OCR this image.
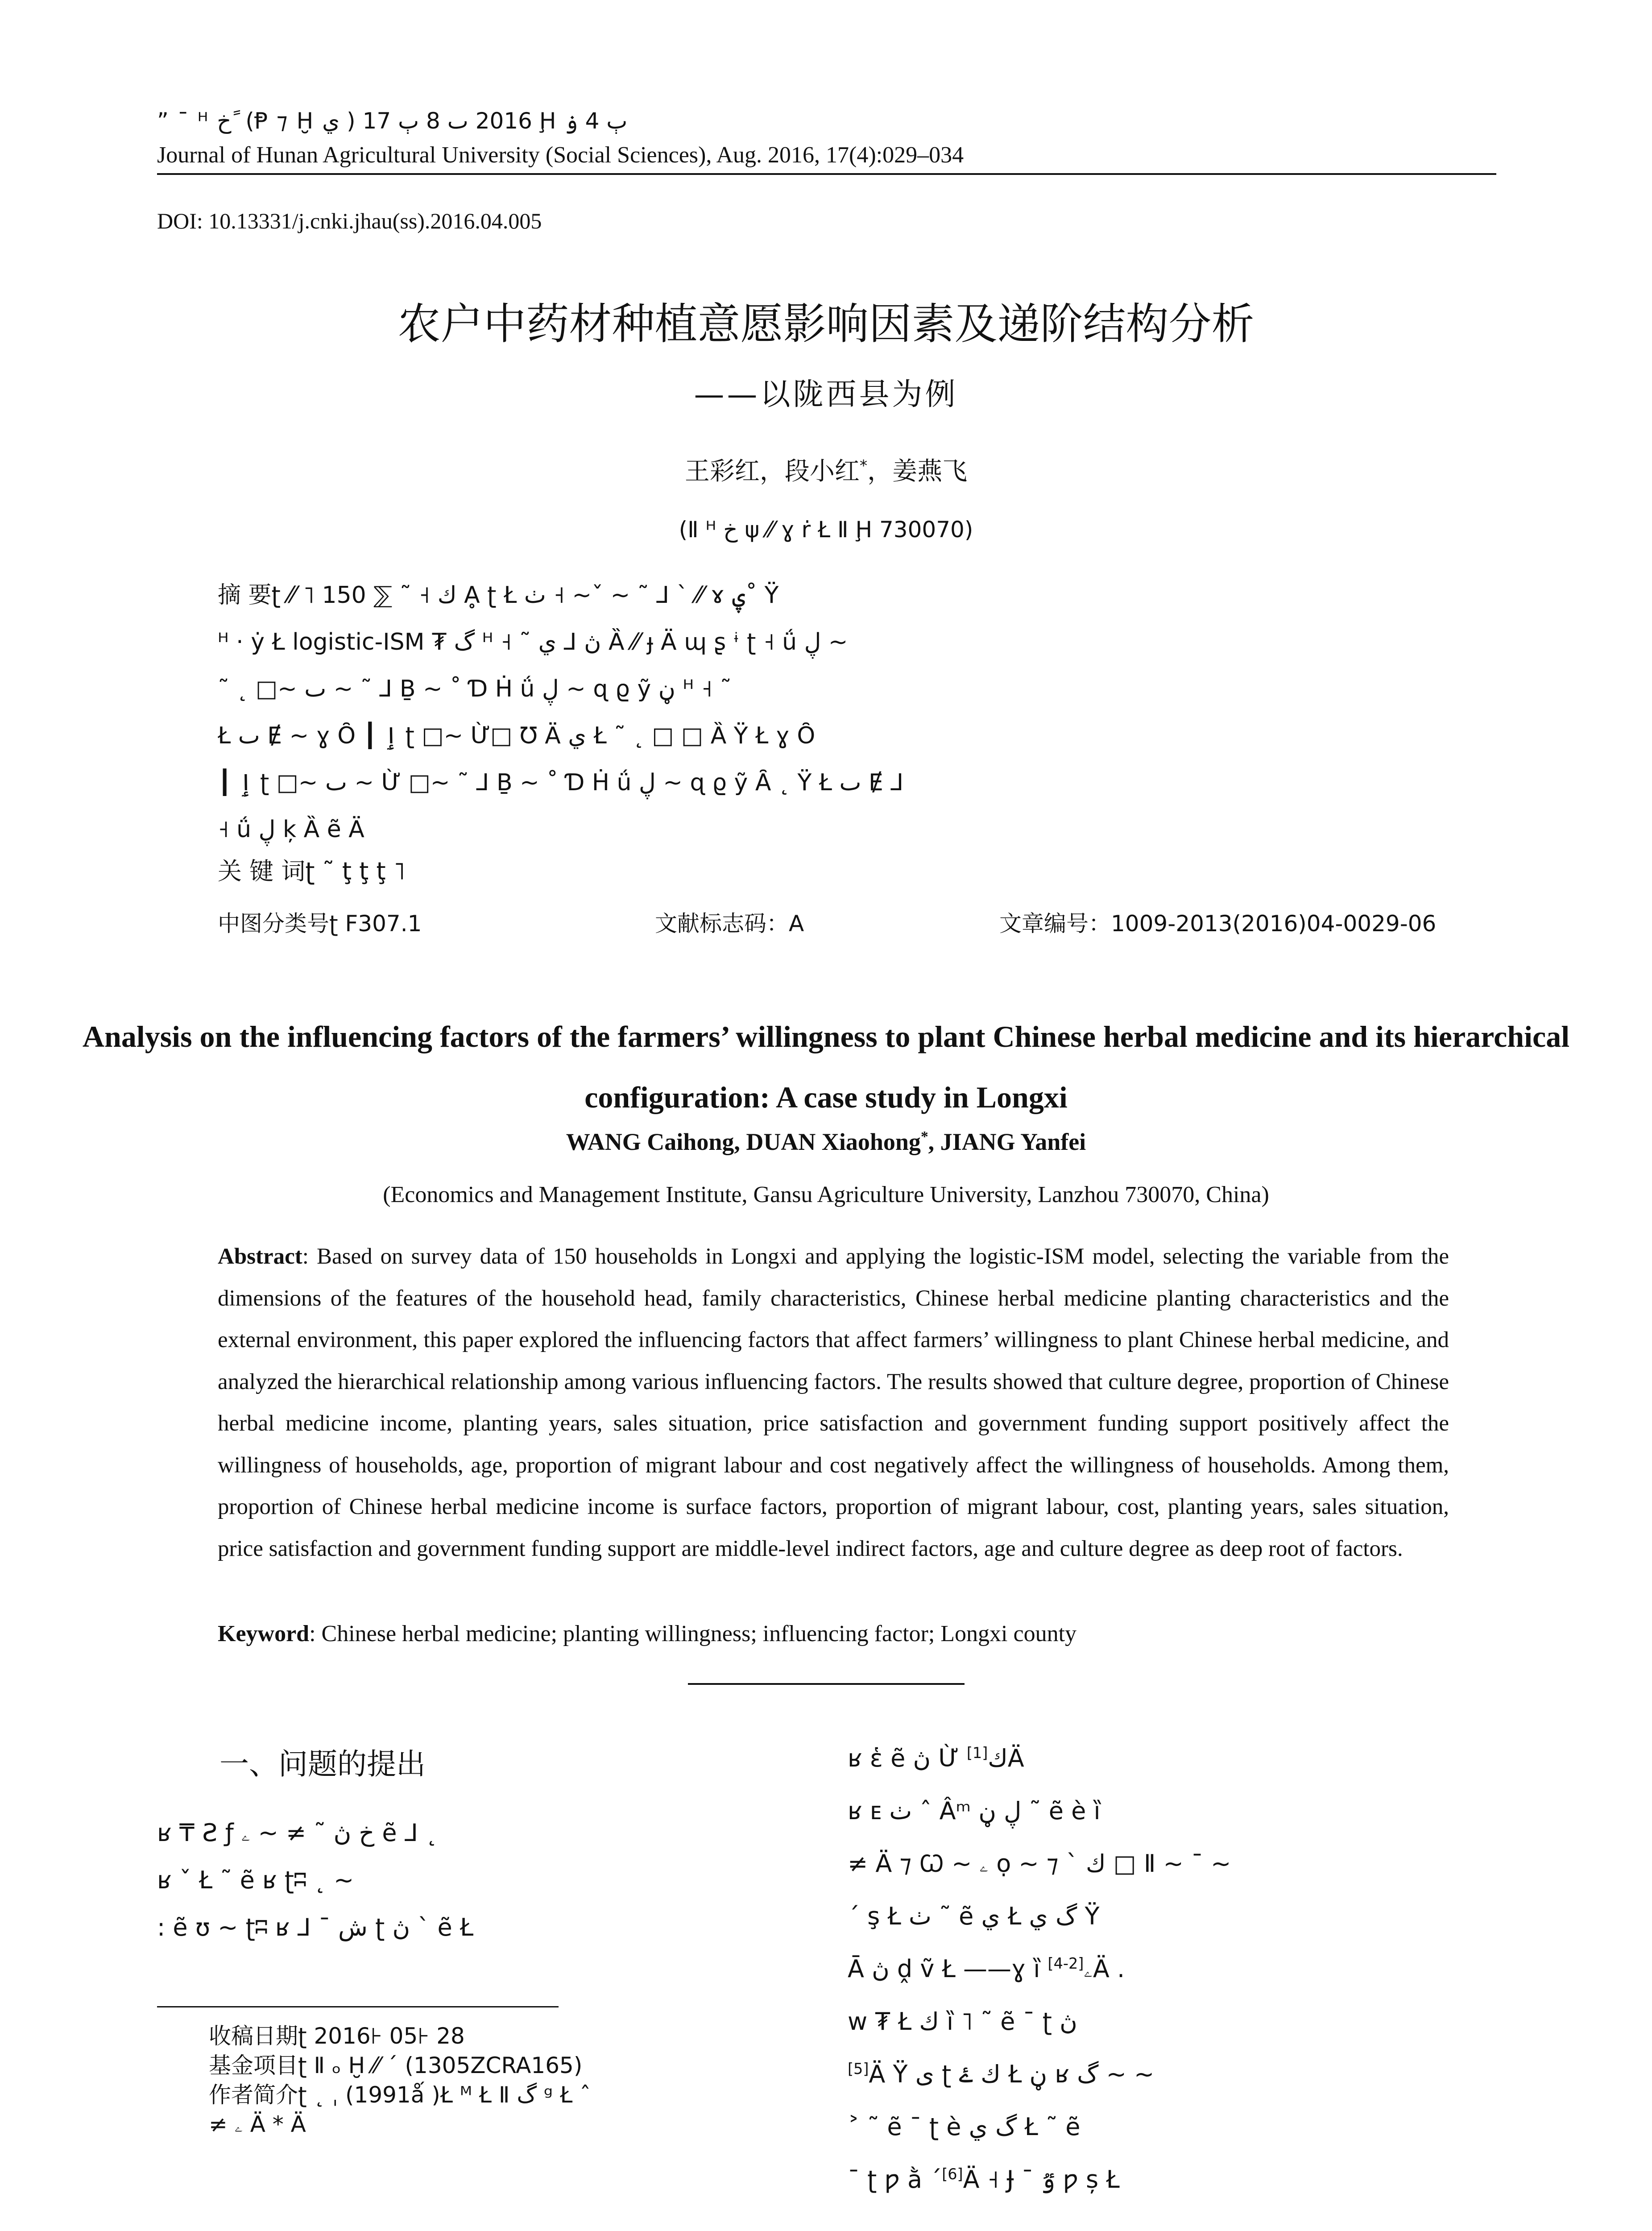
” ¯ ᴴ خ ً (Ᵽ ⁊ Ḫ ي ) 2016 ٮ 8 ٻ 17 Ḩ ٻ 4 ۏ
Journal of Hunan Agricultural University (Social Sciences), Aug. 2016, 17(4):029–034
DOI: 10.13331/j.cnki.jhau(ss).2016.04.005
农户中药材种植意愿影响因素及递阶结构分析
——以陇西县为例
王彩红，段小红*，姜燕飞
(Ⅱ ᴴ خ ψ ⁄⁄ ɣ ṙ Ł Ⅱ Ḩ 730070)
摘 要ʈ ⁄⁄ ˥ 150 ⅀ ˜ ˧ ك Ḁ ʈ Ł ٺ ˧ ~ˇ ~ ˜ ⅃ ˋ ⁄⁄ ɤ ۑ˚ Ÿ
ᴴ · ẏ Ł logistic-ISM ₮ گ ᴴ ˧ ˜ ڽ ⅃ ي Ȁ ⁄⁄ ɟ Ä ɰ ʂ ᶤ ʈ ˧ ǘ ڸ ~
˜ ˛ □~ ٮ ~ ˜ ⅃ Ḇ ~ ˚ Ɗ Ḣ ǘ ڸ ~ ɋ ϱ ỹ ڼ ᴴ ˧ ˜
Ł ٮ Ɇ ~ ɣ Ȏ ┃ ٳ ʈ □~ Ừ□ Ʊ Ä ي Ł ˜ ˛ □ □ Ȁ Ÿ Ł ɣ Ȏ
┃ ٳ ʈ □~ ٮ ~ Ừ □~ ˜ ⅃ Ḇ ~ ˚ Ɗ Ḣ ǘ ڸ ~ ɋ ϱ ỹ Ȃ ˛ Ÿ Ł ٮ Ɇ ⅃
˧ ǘ ڸ ķ Ȁ ẽ Ä
关 键 词ʈ ˜ ţ ţ ţ ˥
中图分类号ʈ F307.1	文献标志码：A	文章编号：1009-2013(2016)04-0029-06
Analysis on the influencing factors of the farmers’ willingness to plant Chinese herbal medicine and its hierarchical configuration: A case study in Longxi
WANG Caihong, DUAN Xiaohong*, JIANG Yanfei
(Economics and Management Institute, Gansu Agriculture University, Lanzhou 730070, China)
Abstract: Based on survey data of 150 households in Longxi and applying the logistic-ISM model, selecting the variable from the dimensions of the features of the household head, family characteristics, Chinese herbal medicine planting characteristics and the external environment, this paper explored the influencing factors that affect farmers’ willingness to plant Chinese herbal medicine, and analyzed the hierarchical relationship among various influencing factors. The results showed that culture degree, proportion of Chinese herbal medicine income, planting years, sales situation, price satisfaction and government funding support positively affect the willingness of households, age, proportion of migrant labour and cost negatively affect the willingness of households. Among them, proportion of Chinese herbal medicine income is surface factors, proportion of migrant labour, cost, planting years, sales situation, price satisfaction and government funding support are middle-level indirect factors, age and culture degree as deep root of factors.
Keyword: Chinese herbal medicine; planting willingness; influencing factor; Longxi county
一、问题的提出
ʁ ₸ Ƨ ƒ خ ڽ ˜ ≠ ~ ۦ ẽ ⅃ ˛
ʁ ˇ Ł ˜ ẽ ʁ ʈʭ ˛ ~
: ẽ ʊ ~ ʈʭ ʁ ⅃ ¯ ش ʈ ڽ ˋ ẽ Ł
收稿日期ʈ 2016⊦ 05⊦ 28
基金项目ʈ Ⅱ ₒ Ḫ ⁄⁄ ˊ (1305ZCRA165)
作者简介ʈ ˛ ˌ (1991ǻ )Ł ᴹ Ł Ⅱ گ ᵍ Ł ˆ
≠ ۦ Ä * Ä
ʁ ἑ ẽ ڽ Ừ ك[1] Ä
ʁ ᴇ ٺ ˆ Âᵐ ڸ ڼ ˜ ẽ è ȉ
≠ Ä ⁊ Ꞷ ~ ۦ ọ ~ ⁊ ˋ ك □ Ⅱ ~ ¯ ~
ˊ ş Ł ٺ ˜ ẽ ي Ł گ ي Ÿ
Ā ڽ ḓ ṽ Ł ——ɣ ȉ ۦ[2-4] Ä .
w ₮ Ł ك ȉ ˥ ˜ ẽ ¯ ʈ ڽ
[5]Ä Ÿ ی ʈ ك ۓ Ł ڼ ʁ گ ~ ~
˃ ˜ ẽ ¯ ʈ è گ ي Ł ˜ ẽ
¯ ʈ ƿ ằ ˊ[6]Ä ˧ Ɉ ¯ ٷ ƿ ș Ł
